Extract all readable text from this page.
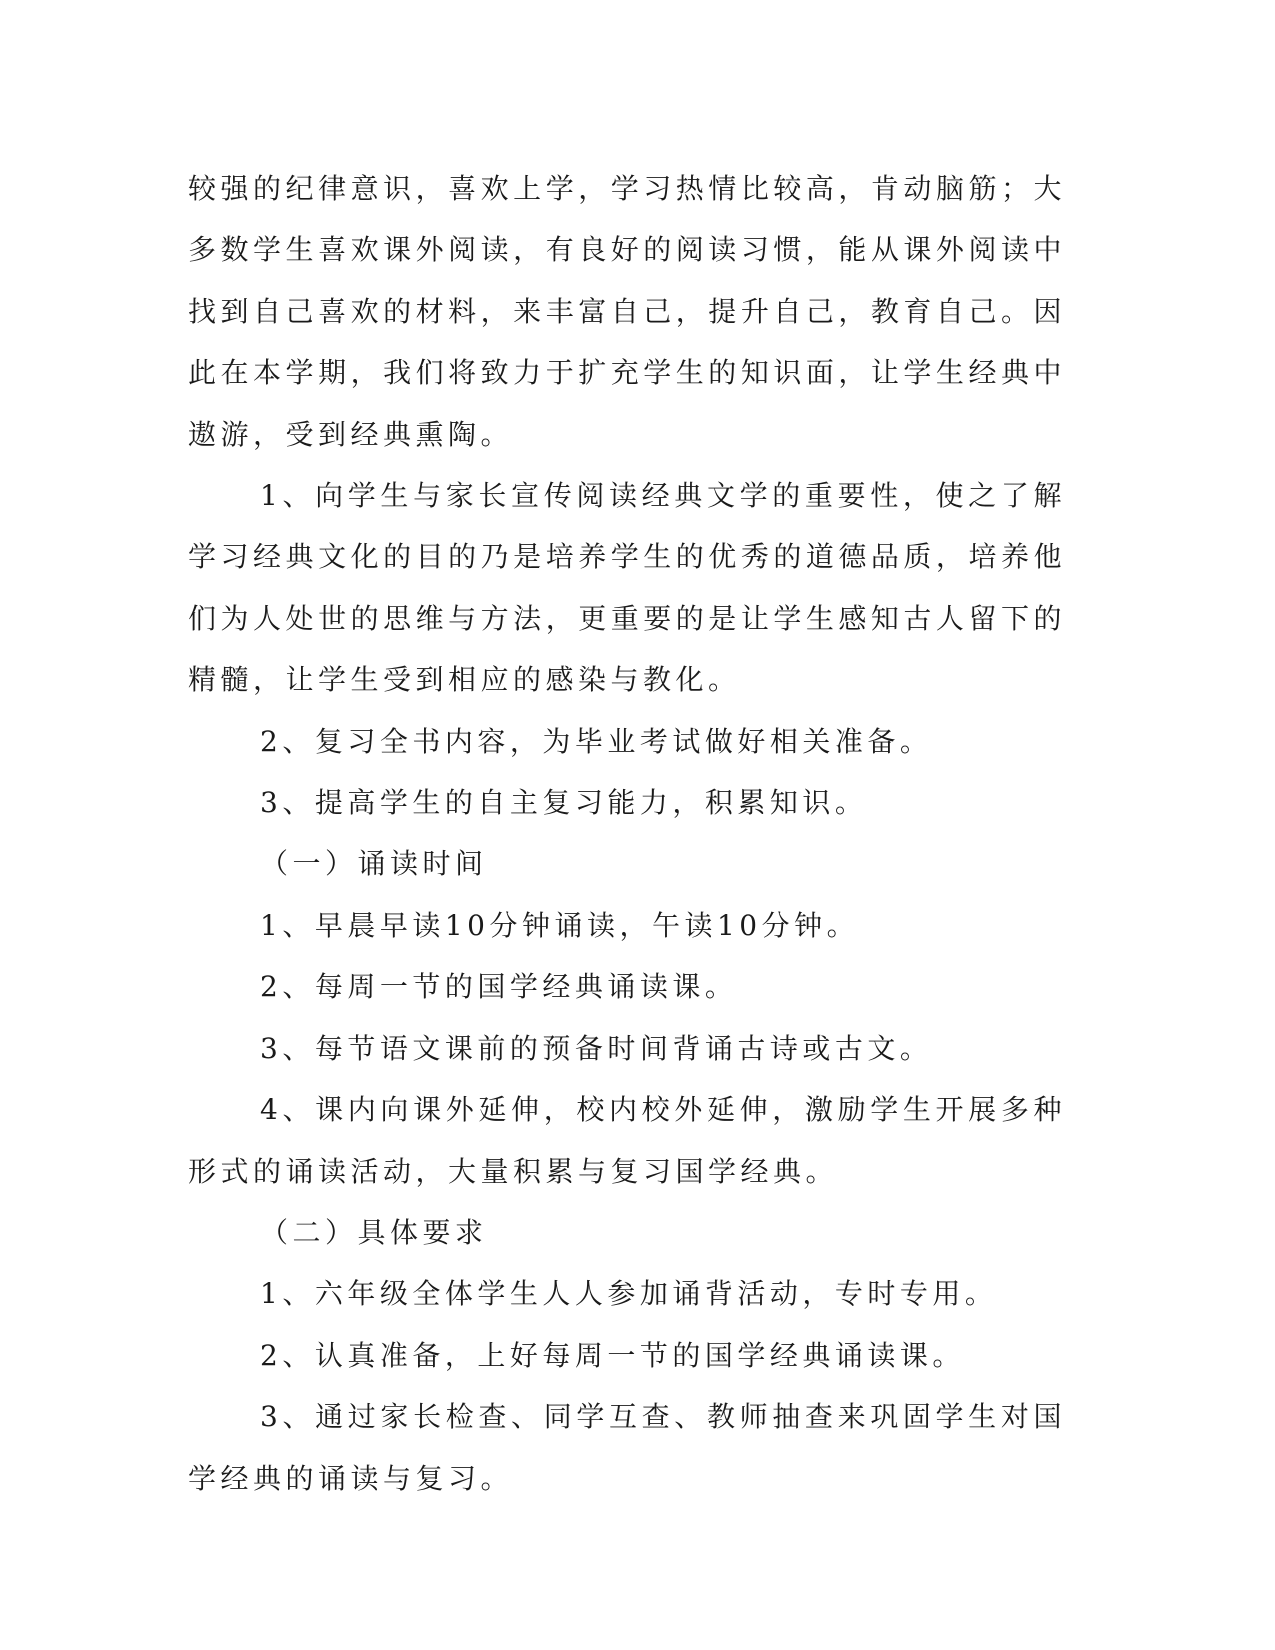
较强的纪律意识，喜欢上学，学习热情比较高，肯动脑筋；大多数学生喜欢课外阅读，有良好的阅读习惯，能从课外阅读中找到自己喜欢的材料，来丰富自己，提升自己，教育自己。因此在本学期，我们将致力于扩充学生的知识面，让学生经典中遨游，受到经典熏陶。

1、向学生与家长宣传阅读经典文学的重要性，使之了解学习经典文化的目的乃是培养学生的优秀的道德品质，培养他们为人处世的思维与方法，更重要的是让学生感知古人留下的精髓，让学生受到相应的感染与教化。

2、复习全书内容，为毕业考试做好相关准备。

3、提高学生的自主复习能力，积累知识。

（一）诵读时间

1、早晨早读10分钟诵读，午读10分钟。

2、每周一节的国学经典诵读课。

3、每节语文课前的预备时间背诵古诗或古文。

4、课内向课外延伸，校内校外延伸，激励学生开展多种形式的诵读活动，大量积累与复习国学经典。

（二）具体要求

1、六年级全体学生人人参加诵背活动，专时专用。

2、认真准备，上好每周一节的国学经典诵读课。

3、通过家长检查、同学互查、教师抽查来巩固学生对国学经典的诵读与复习。
